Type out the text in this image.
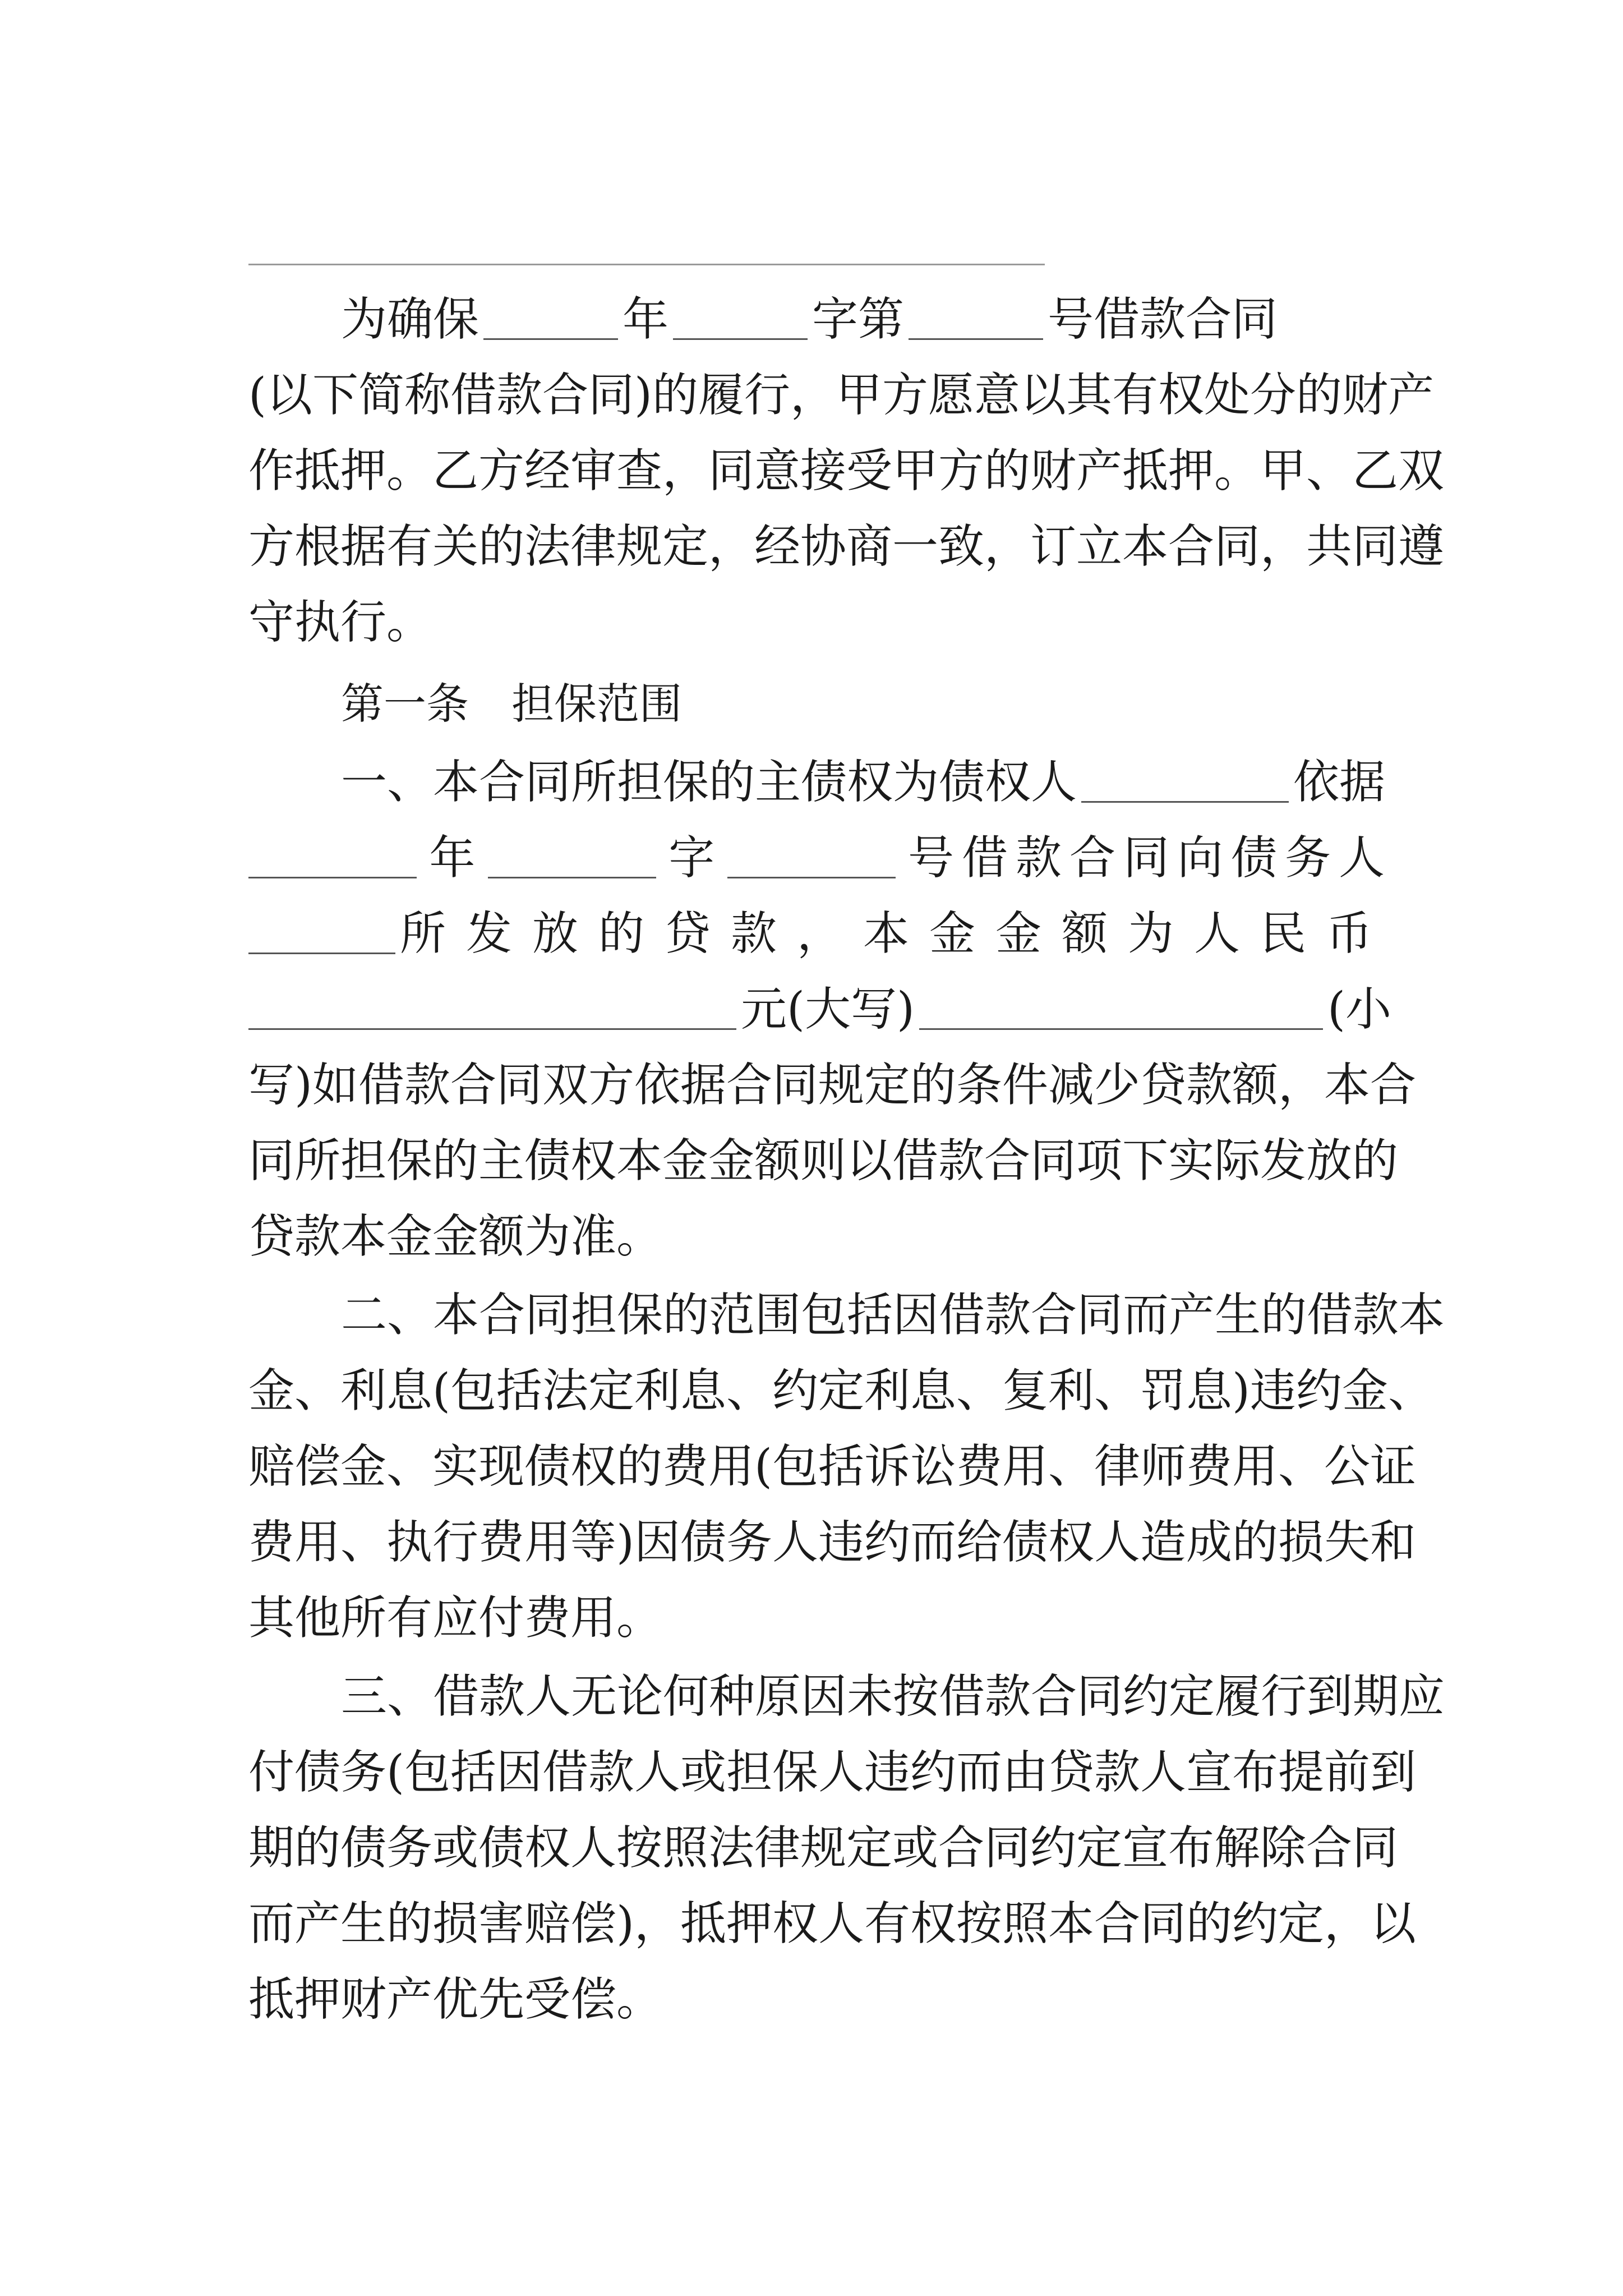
为确保	年	字第	号借款合同
(以下简称借款合同)的履行，甲方愿意以其有权处分的财产
作抵押。乙方经审查，同意接受甲方的财产抵押。甲、乙双
方根据有关的法律规定，经协商一致，订立本合同，共同遵
守执行。
第一条　担保范围
一、本合同所担保的主债权为债权人	依据
年	字	号借款合同向债务人
所发放的贷款，本金金额为人民币
元(大写)	(小
写)如借款合同双方依据合同规定的条件减少贷款额，本合
同所担保的主债权本金金额则以借款合同项下实际发放的
贷款本金金额为准。
二、本合同担保的范围包括因借款合同而产生的借款本
金、利息(包括法定利息、约定利息、复利、罚息)违约金、
赔偿金、实现债权的费用(包括诉讼费用、律师费用、公证
费用、执行费用等)因债务人违约而给债权人造成的损失和
其他所有应付费用。
三、借款人无论何种原因未按借款合同约定履行到期应
付债务(包括因借款人或担保人违约而由贷款人宣布提前到
期的债务或债权人按照法律规定或合同约定宣布解除合同
而产生的损害赔偿)，抵押权人有权按照本合同的约定，以
抵押财产优先受偿。
